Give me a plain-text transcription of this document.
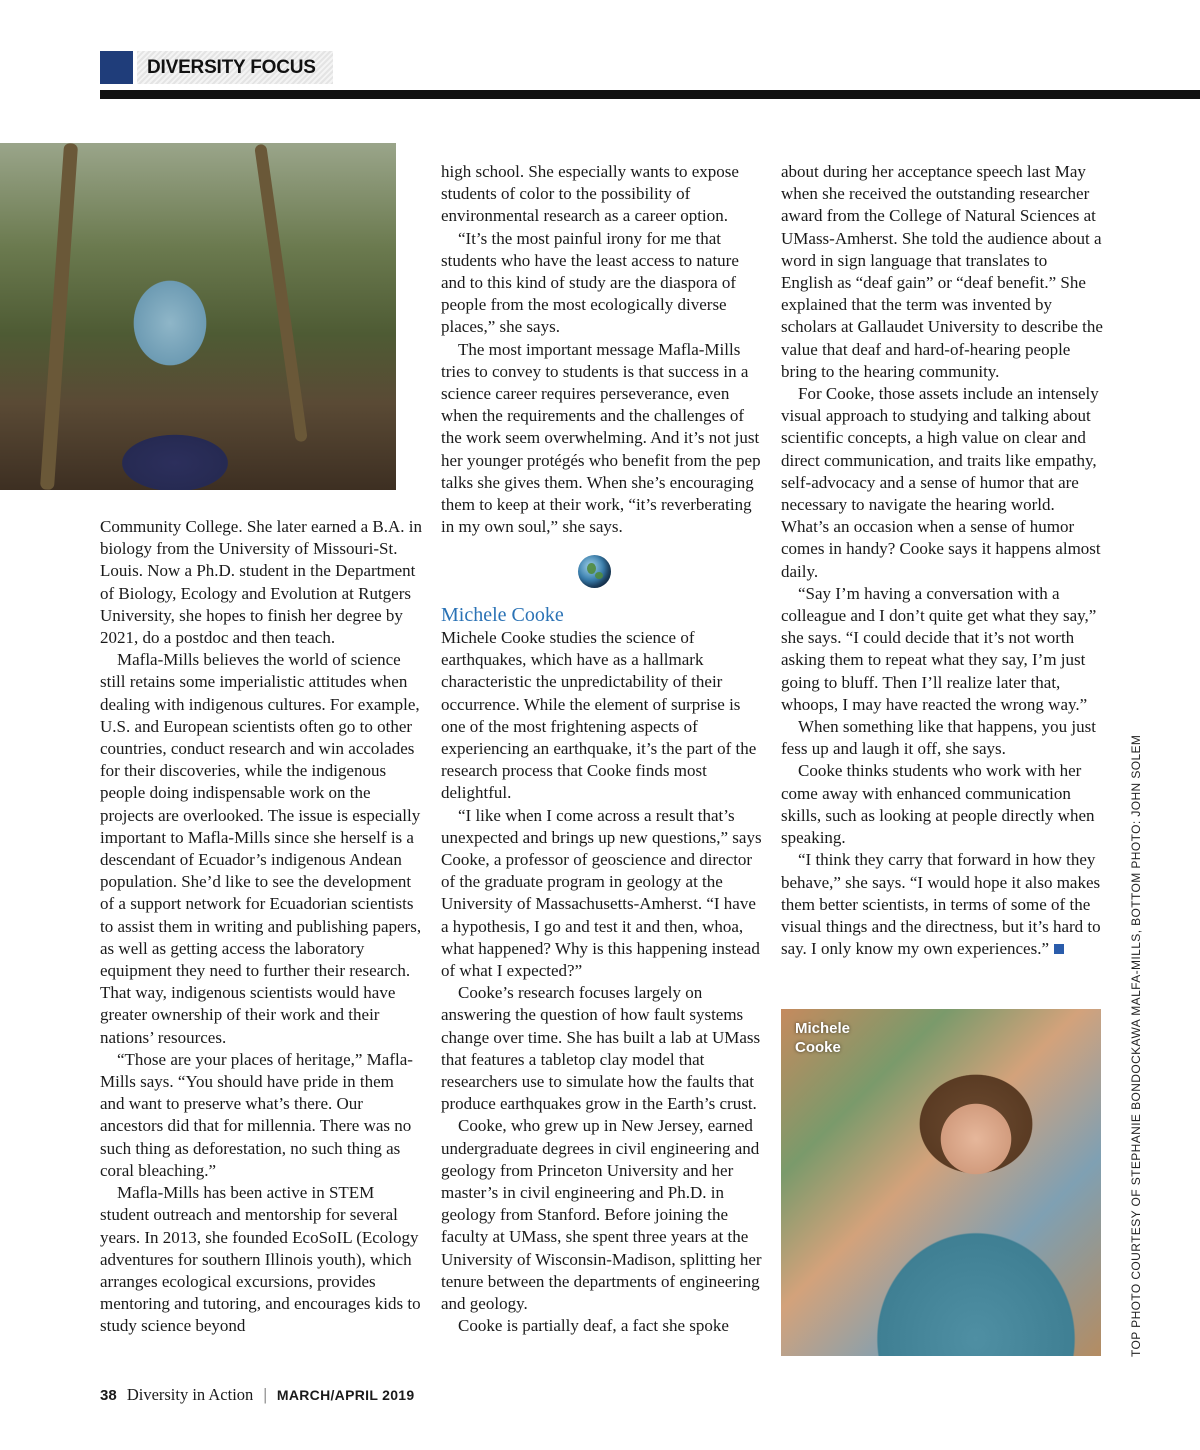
DIVERSITY FOCUS

Community College. She later earned a B.A. in biology from the University of Missouri-St. Louis. Now a Ph.D. student in the Department of Biology, Ecology and Evolution at Rutgers University, she hopes to finish her degree by 2021, do a postdoc and then teach.

Mafla-Mills believes the world of science still retains some imperialistic attitudes when dealing with indigenous cultures. For example, U.S. and European scientists often go to other countries, conduct research and win accolades for their discoveries, while the indigenous people doing indispensable work on the projects are overlooked. The issue is especially important to Mafla-Mills since she herself is a descendant of Ecuador’s indigenous Andean population. She’d like to see the development of a support network for Ecuadorian scientists to assist them in writing and publishing papers, as well as getting access the laboratory equipment they need to further their research. That way, indigenous scientists would have greater ownership of their work and their nations’ resources.

“Those are your places of heritage,” Mafla-Mills says. “You should have pride in them and want to preserve what’s there. Our ancestors did that for millennia. There was no such thing as deforestation, no such thing as coral bleaching.”

Mafla-Mills has been active in STEM student outreach and mentorship for several years. In 2013, she founded EcoSoIL (Ecology adventures for southern Illinois youth), which arranges ecological excursions, provides mentoring and tutoring, and encourages kids to study science beyond

high school. She especially wants to expose students of color to the possibility of environmental research as a career option.

“It’s the most painful irony for me that students who have the least access to nature and to this kind of study are the diaspora of people from the most ecologically diverse places,” she says.

The most important message Mafla-Mills tries to convey to students is that success in a science career requires perseverance, even when the requirements and the challenges of the work seem overwhelming. And it’s not just her younger protégés who benefit from the pep talks she gives them. When she’s encouraging them to keep at their work, “it’s reverberating in my own soul,” she says.

Michele Cooke

Michele Cooke studies the science of earthquakes, which have as a hallmark characteristic the unpredictability of their occurrence. While the element of surprise is one of the most frightening aspects of experiencing an earthquake, it’s the part of the research process that Cooke finds most delightful.

“I like when I come across a result that’s unexpected and brings up new questions,” says Cooke, a professor of geoscience and director of the graduate program in geology at the University of Massachusetts-Amherst. “I have a hypothesis, I go and test it and then, whoa, what happened? Why is this happening instead of what I expected?”

Cooke’s research focuses largely on answering the question of how fault systems change over time. She has built a lab at UMass that features a tabletop clay model that researchers use to simulate how the faults that produce earthquakes grow in the Earth’s crust.

Cooke, who grew up in New Jersey, earned undergraduate degrees in civil engineering and geology from Princeton University and her master’s in civil engineering and Ph.D. in geology from Stanford. Before joining the faculty at UMass, she spent three years at the University of Wisconsin-Madison, splitting her tenure between the departments of engineering and geology.

Cooke is partially deaf, a fact she spoke

about during her acceptance speech last May when she received the outstanding researcher award from the College of Natural Sciences at UMass-Amherst. She told the audience about a word in sign language that translates to English as “deaf gain” or “deaf benefit.” She explained that the term was invented by scholars at Gallaudet University to describe the value that deaf and hard-of-hearing people bring to the hearing community.

For Cooke, those assets include an intensely visual approach to studying and talking about scientific concepts, a high value on clear and direct communication, and traits like empathy, self-advocacy and a sense of humor that are necessary to navigate the hearing world. What’s an occasion when a sense of humor comes in handy? Cooke says it happens almost daily.

“Say I’m having a conversation with a colleague and I don’t quite get what they say,” she says. “I could decide that it’s not worth asking them to repeat what they say, I’m just going to bluff. Then I’ll realize later that, whoops, I may have reacted the wrong way.”

When something like that happens, you just fess up and laugh it off, she says.

Cooke thinks students who work with her come away with enhanced communication skills, such as looking at people directly when speaking.

“I think they carry that forward in how they behave,” she says. “I would hope it also makes them better scientists, in terms of some of the visual things and the directness, but it’s hard to say. I only know my own experiences.”

Michele
Cooke	TOP PHOTO COURTESY OF STEPHANIE BONDOCKAWA MALFA-MILLS, BOTTOM PHOTO: JOHN SOLEM
38 Diversity in Action | MARCH/APRIL 2019
